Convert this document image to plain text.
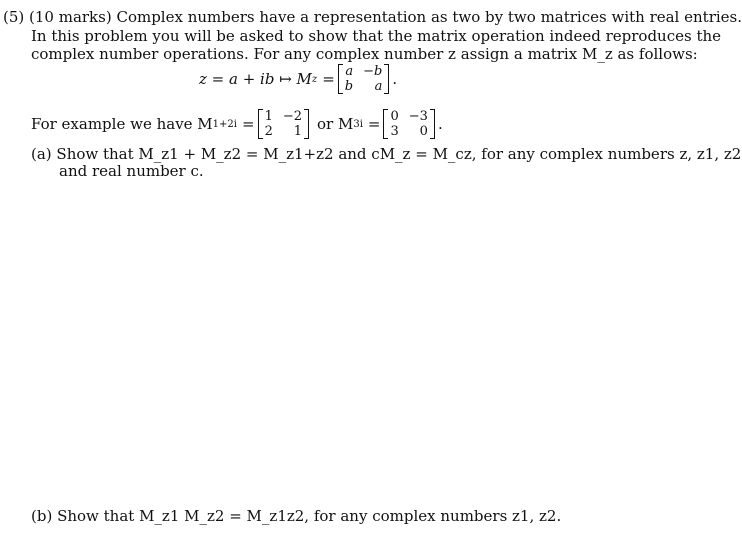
(5) (10 marks) Complex numbers have a representation as two by two matrices with real entries.
In this problem you will be asked to show that the matrix operation indeed reproduces the
complex number operations. For any complex number z assign a matrix M_z as follows:
z = a + ib ↦ M z = a −b
b	a .
For example we have M 1+2i = 1 −2
2	1 or M 3i = 0 −3
3	0 .
(a) Show that M_z1 + M_z2 = M_z1+z2 and cM_z = M_cz, for any complex numbers z, z1, z2
and real number c.
(b) Show that M_z1 M_z2 = M_z1z2, for any complex numbers z1, z2.
